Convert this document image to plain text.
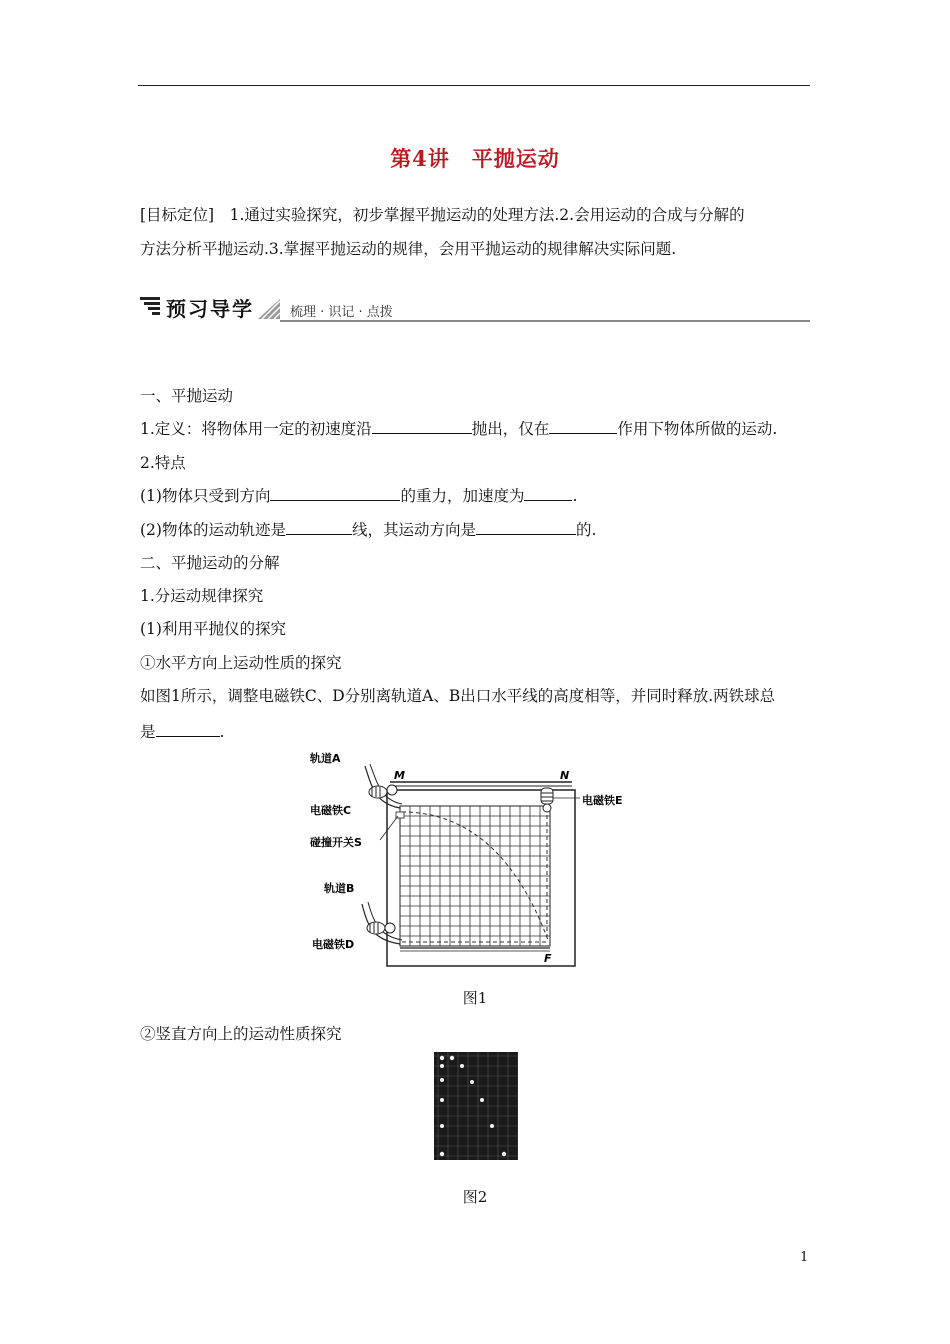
第4讲　平抛运动
[目标定位]　1.通过实验探究，初步掌握平抛运动的处理方法.2.会用运动的合成与分解的
方法分析平抛运动.3.掌握平抛运动的规律，会用平抛运动的规律解决实际问题.
预习导学	梳理 · 识记 · 点拨
一、平抛运动
1.定义：将物体用一定的初速度沿	抛出，仅在	作用下物体所做的运动.
2.特点
(1)物体只受到方向	的重力，加速度为	.
(2)物体的运动轨迹是	线，其运动方向是	的.
二、平抛运动的分解
1.分运动规律探究
(1)利用平抛仪的探究
①水平方向上运动性质的探究
如图1所示，调整电磁铁C、D分别离轨道A、B出口水平线的高度相等，并同时释放.两铁球总
是	.
轨道A
电磁铁C
碰撞开关S
轨道B
电磁铁D
电磁铁E
M	N
F
图1
②竖直方向上的运动性质探究
图2
1
